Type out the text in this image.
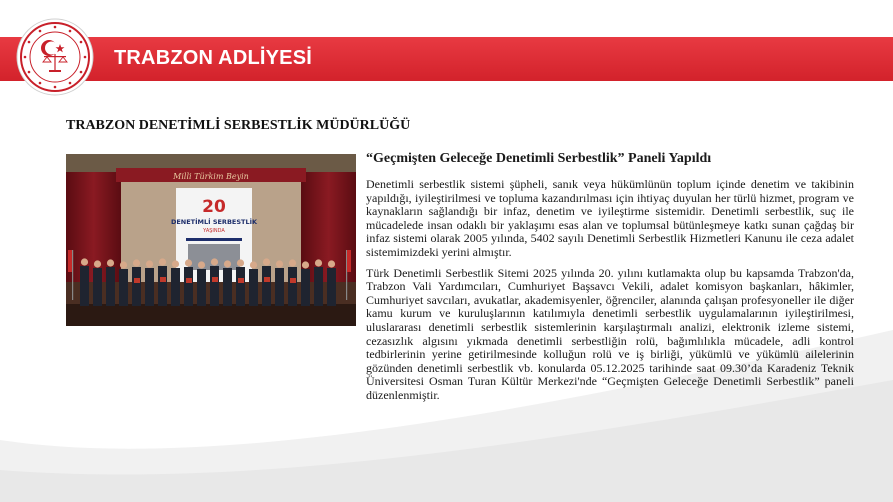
TRABZON ADLİYESİ
TRABZON DENETİMLİ SERBESTLİK MÜDÜRLÜĞÜ
Milli Türkim Beyin
20
DENETİMLİ SERBESTLİK
YAŞINDA
“Geçmişten Geleceğe Denetimli Serbestlik” Paneli Yapıldı

Denetimli serbestlik sistemi şüpheli, sanık veya hükümlünün toplum içinde denetim ve takibinin yapıldığı, iyileştirilmesi ve topluma kazandırılması için ihtiyaç duyulan her türlü hizmet, program ve kaynakların sağlandığı bir infaz, denetim ve iyileştirme sistemidir. Denetimli serbestlik, suç ile mücadelede insan odaklı bir yaklaşımı esas alan ve toplumsal bütünleşmeye katkı sunan çağdaş bir infaz sistemi olarak 2005 yılında, 5402 sayılı Denetimli Serbestlik Hizmetleri Kanunu ile ceza adalet sistemimizdeki yerini almıştır.

Türk Denetimli Serbestlik Sitemi 2025 yılında 20. yılını kutlamakta olup bu kapsamda Trabzon'da, Trabzon Vali Yardımcıları, Cumhuriyet Başsavcı Vekili, adalet komisyon başkanları, hâkimler, Cumhuriyet savcıları, avukatlar, akademisyenler, öğrenciler, alanında çalışan profesyoneller ile diğer kamu kurum ve kuruluşlarının katılımıyla denetimli serbestlik uygulamalarının iyileştirilmesi, uluslararası denetimli serbestlik sistemlerinin karşılaştırmalı analizi, elektronik izleme sistemi, cezasızlık algısını yıkmada denetimli serbestliğin rolü, bağımlılıkla mücadele, adli kontrol tedbirlerinin yerine getirilmesinde kolluğun rolü ve iş birliği, yükümlü ve yükümlü ailelerinin gözünden denetimli serbestlik vb. konularda 05.12.2025 tarihinde saat 09.30’da Karadeniz Teknik Üniversitesi Osman Turan Kültür Merkezi'nde “Geçmişten Geleceğe Denetimli Serbestlik” paneli düzenlenmiştir.
